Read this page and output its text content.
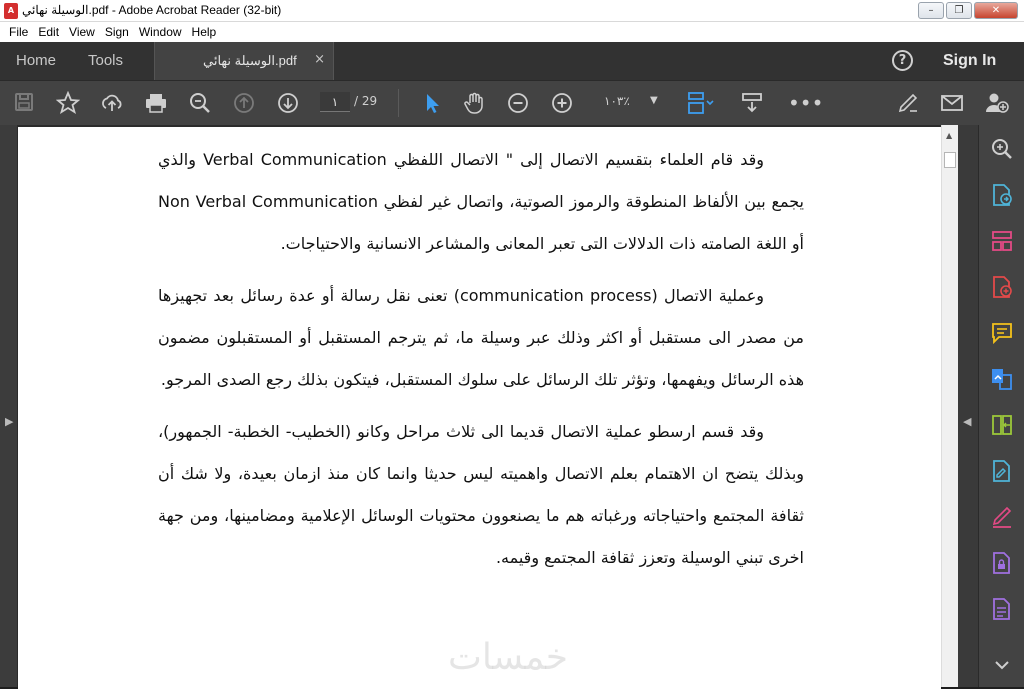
A الوسيلة نهائي.pdf - Adobe Acrobat Reader (32-bit)	–	❐	✕
File Edit View Sign Window Help
Home Tools	الوسيلة نهائي.pdf ×	?	Sign In
١	/ 29	١٠٣٪ ▼	•••
▶

وقد قام العلماء بتقسيم الاتصال إلى " الاتصال اللفظي Verbal Communication والذي يجمع بين الألفاظ المنطوقة والرموز الصوتية، واتصال غير لفظي Non Verbal Communication أو اللغة الصامته ذات الدلالات التى تعبر المعانى والمشاعر الانسانية والاحتياجات.

وعملية الاتصال (communication process) تعنى نقل رسالة أو عدة رسائل بعد تجهيزها من مصدر الى مستقبل أو اكثر وذلك عبر وسيلة ما، ثم يترجم المستقبل أو المستقبلون مضمون هذه الرسائل ويفهمها، وتؤثر تلك الرسائل على سلوك المستقبل، فيتكون بذلك رجع الصدى المرجو.

وقد قسم ارسطو عملية الاتصال قديما الى ثلاث مراحل وكانو (الخطيب- الخطبة- الجمهور)، وبذلك يتضح ان الاهتمام بعلم الاتصال واهميته ليس حديثا وانما كان منذ ازمان بعيدة، ولا شك أن ثقافة المجتمع واحتياجاته ورغباته هم ما يصنعوون محتويات الوسائل الإعلامية ومضامينها، ومن جهة اخرى تبني الوسيلة وتعزز ثقافة المجتمع وقيمه.

خمسات
▲
◀
